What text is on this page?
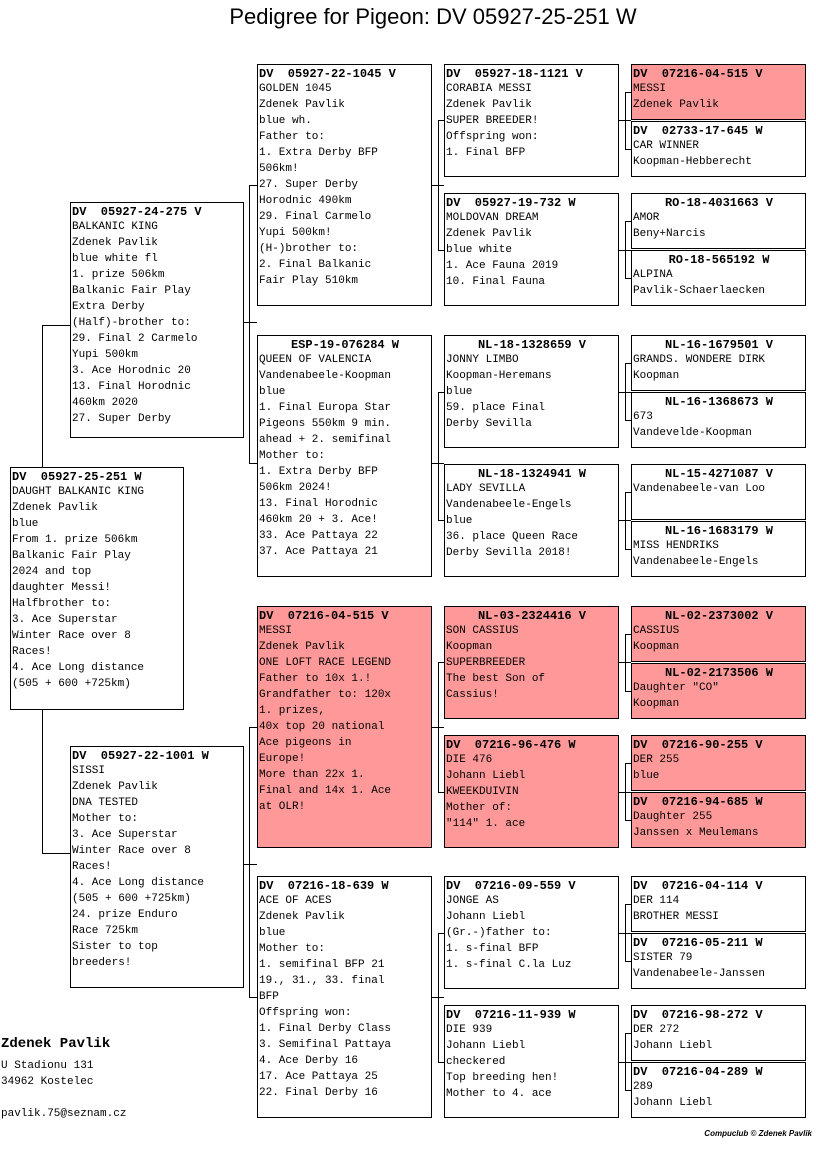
Pedigree for Pigeon: DV 05927-25-251 W
DV  05927-25-251 W
DAUGHT BALKANIC KING
Zdenek Pavlik
blue
From 1. prize 506km
Balkanic Fair Play
2024 and top
daughter Messi!
Halfbrother to:
3. Ace Superstar
Winter Race over 8
Races!
4. Ace Long distance
(505 + 600 +725km)
DV  05927-24-275 V
BALKANIC KING
Zdenek Pavlik
blue white fl
1. prize 506km
Balkanic Fair Play
Extra Derby
(Half)-brother to:
29. Final 2 Carmelo
Yupi 500km
3. Ace Horodnic 20
13. Final Horodnic
460km 2020
27. Super Derby
DV  05927-22-1001 W
SISSI
Zdenek Pavlik
DNA TESTED
Mother to:
3. Ace Superstar
Winter Race over 8
Races!
4. Ace Long distance
(505 + 600 +725km)
24. prize Enduro
Race 725km
Sister to top
breeders!
DV  05927-22-1045 V
GOLDEN 1045
Zdenek Pavlik
blue wh.
Father to:
1. Extra Derby BFP
506km!
27. Super Derby
Horodnic 490km
29. Final Carmelo
Yupi 500km!
(H-)brother to:
2. Final Balkanic
Fair Play 510km
ESP-19-076284 W
QUEEN OF VALENCIA
Vandenabeele-Koopman
blue
1. Final Europa Star
Pigeons 550km 9 min.
ahead + 2. semifinal
Mother to:
1. Extra Derby BFP
506km 2024!
13. Final Horodnic
460km 20 + 3. Ace!
33. Ace Pattaya 22
37. Ace Pattaya 21
DV  07216-04-515 V
MESSI
Zdenek Pavlik
ONE LOFT RACE LEGEND
Father to 10x 1.!
Grandfather to: 120x
1. prizes,
40x top 20 national
Ace pigeons in
Europe!
More than 22x 1.
Final and 14x 1. Ace
at OLR!
DV  07216-18-639 W
ACE OF ACES
Zdenek Pavlik
blue
Mother to:
1. semifinal BFP 21
19., 31., 33. final
BFP
Offspring won:
1. Final Derby Class
3. Semifinal Pattaya
4. Ace Derby 16
17. Ace Pattaya 25
22. Final Derby 16
DV  05927-18-1121 V
CORABIA MESSI
Zdenek Pavlik
SUPER BREEDER!
Offspring won:
1. Final BFP
DV  05927-19-732 W
MOLDOVAN DREAM
Zdenek Pavlik
blue white
1. Ace Fauna 2019
10. Final Fauna
NL-18-1328659 V
JONNY LIMBO
Koopman-Heremans
blue
59. place Final
Derby Sevilla
NL-18-1324941 W
LADY SEVILLA
Vandenabeele-Engels
blue
36. place Queen Race
Derby Sevilla 2018!
NL-03-2324416 V
SON CASSIUS
Koopman
SUPERBREEDER
The best Son of
Cassius!
DV  07216-96-476 W
DIE 476
Johann Liebl
KWEEKDUIVIN
Mother of:
"114" 1. ace
DV  07216-09-559 V
JONGE AS
Johann Liebl
(Gr.-)father to:
1. s-final BFP
1. s-final C.la Luz
DV  07216-11-939 W
DIE 939
Johann Liebl
checkered
Top breeding hen!
Mother to 4. ace
DV  07216-04-515 V
MESSI
Zdenek Pavlik
DV  02733-17-645 W
CAR WINNER
Koopman-Hebberecht
RO-18-4031663 V
AMOR
Beny+Narcis
RO-18-565192 W
ALPINA
Pavlik-Schaerlaecken
NL-16-1679501 V
GRANDS. WONDERE DIRK
Koopman
NL-16-1368673 W
673
Vandevelde-Koopman
NL-15-4271087 V
Vandenabeele-van Loo
NL-16-1683179 W
MISS HENDRIKS
Vandenabeele-Engels
NL-02-2373002 V
CASSIUS
Koopman
NL-02-2173506 W
Daughter "CO"
Koopman
DV  07216-90-255 V
DER 255
blue
DV  07216-94-685 W
Daughter 255
Janssen x Meulemans
DV  07216-04-114 V
DER 114
BROTHER MESSI
DV  07216-05-211 W
SISTER 79
Vandenabeele-Janssen
DV  07216-98-272 V
DER 272
Johann Liebl
DV  07216-04-289 W
289
Johann Liebl
Zdenek Pavlik
U Stadionu 131
34962 Kostelec
pavlik.75@seznam.cz
Compuclub © Zdenek Pavlik
